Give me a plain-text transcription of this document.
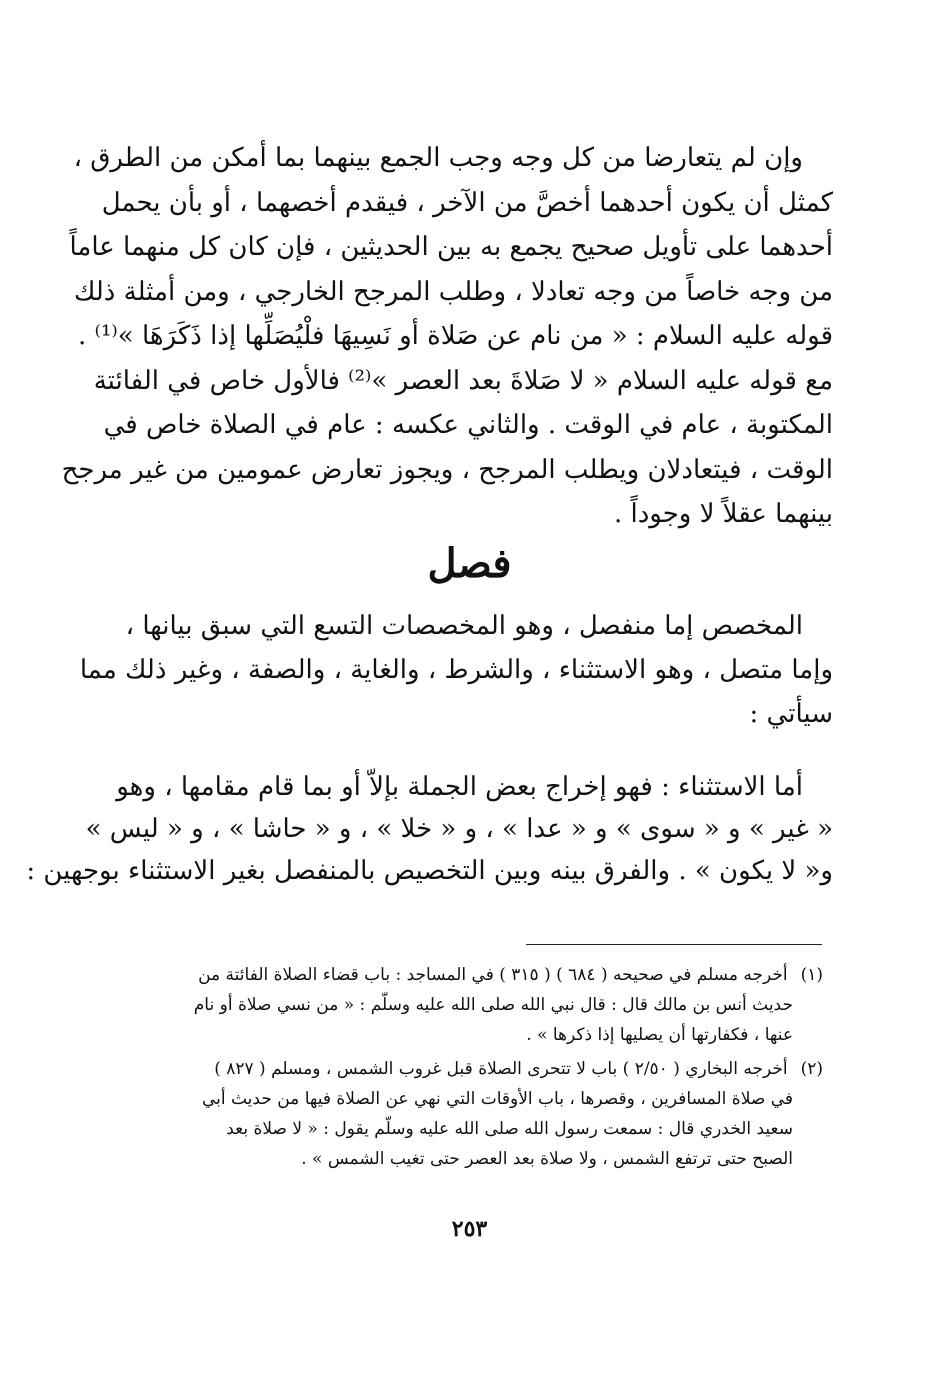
وإن لم يتعارضا من كل وجه وجب الجمع بينهما بما أمكن من الطرق ،
كمثل أن يكون أحدهما أخصَّ من الآخر ، فيقدم أخصهما ، أو بأن يحمل
أحدهما على تأويل صحيح يجمع به بين الحديثين ، فإن كان كل منهما عاماً
من وجه خاصاً من وجه تعادلا ، وطلب المرجح الخارجي ، ومن أمثلة ذلك
قوله عليه السلام : « من نام عن صَلاة أو نَسِيهَا فلْيُصَلِّها إذا ذَكَرَهَا »⁽¹⁾ .
مع قوله عليه السلام « لا صَلاةَ بعد العصر »⁽²⁾ فالأول خاص في الفائتة
المكتوبة ، عام في الوقت . والثاني عكسه : عام في الصلاة خاص في
الوقت ، فيتعادلان ويطلب المرجح ، ويجوز تعارض عمومين من غير مرجح
بينهما عقلاً لا وجوداً .
فصل
المخصص إما منفصل ، وهو المخصصات التسع التي سبق بيانها ،
وإما متصل ، وهو الاستثناء ، والشرط ، والغاية ، والصفة ، وغير ذلك مما
سيأتي :
أما الاستثناء : فهو إخراج بعض الجملة بإلاّ أو بما قام مقامها ، وهو
« غير » و « سوى » و « عدا » ، و « خلا » ، و « حاشا » ، و « ليس »
و« لا يكون » . والفرق بينه وبين التخصيص بالمنفصل بغير الاستثناء بوجهين :
(١) أخرجه مسلم في صحيحه ( ٦٨٤ ) ( ٣١٥ ) في المساجد : باب قضاء الصلاة الفائتة من
حديث أنس بن مالك قال : قال نبي الله صلى الله عليه وسلّم : « من نسي صلاة أو نام
عنها ، فكفارتها أن يصليها إذا ذكرها » .
(٢) أخرجه البخاري ( ٢/٥٠ ) باب لا تتحرى الصلاة قبل غروب الشمس ، ومسلم ( ٨٢٧ )
في صلاة المسافرين ، وقصرها ، باب الأوقات التي نهي عن الصلاة فيها من حديث أبي
سعيد الخدري قال : سمعت رسول الله صلى الله عليه وسلّم يقول : « لا صلاة بعد
الصبح حتى ترتفع الشمس ، ولا صلاة بعد العصر حتى تغيب الشمس » .
٢٥٣
